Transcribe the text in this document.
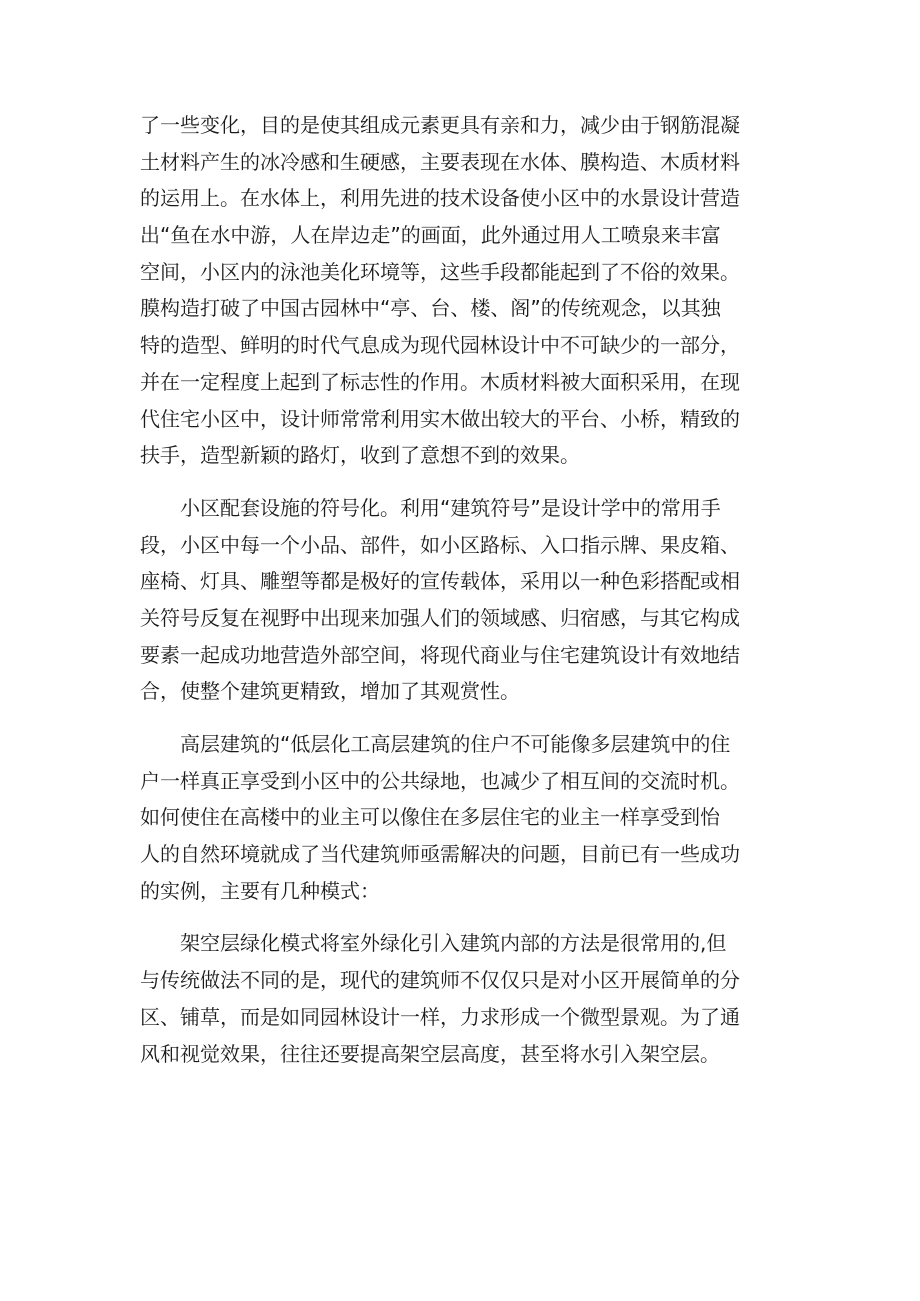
了一些变化，目的是使其组成元素更具有亲和力，减少由于钢筋混凝
土材料产生的冰冷感和生硬感，主要表现在水体、膜构造、木质材料
的运用上。在水体上，利用先进的技术设备使小区中的水景设计营造
出“鱼在水中游，人在岸边走”的画面，此外通过用人工喷泉来丰富
空间，小区内的泳池美化环境等，这些手段都能起到了不俗的效果。
膜构造打破了中国古园林中“亭、台、楼、阁”的传统观念，以其独
特的造型、鲜明的时代气息成为现代园林设计中不可缺少的一部分，
并在一定程度上起到了标志性的作用。木质材料被大面积采用，在现
代住宅小区中，设计师常常利用实木做出较大的平台、小桥，精致的
扶手，造型新颖的路灯，收到了意想不到的效果。
　　小区配套设施的符号化。利用“建筑符号”是设计学中的常用手
段，小区中每一个小品、部件，如小区路标、入口指示牌、果皮箱、
座椅、灯具、雕塑等都是极好的宣传载体，采用以一种色彩搭配或相
关符号反复在视野中出现来加强人们的领域感、归宿感，与其它构成
要素一起成功地营造外部空间，将现代商业与住宅建筑设计有效地结
合，使整个建筑更精致，增加了其观赏性。
　　高层建筑的“低层化工高层建筑的住户不可能像多层建筑中的住
户一样真正享受到小区中的公共绿地，也减少了相互间的交流时机。
如何使住在高楼中的业主可以像住在多层住宅的业主一样享受到怡
人的自然环境就成了当代建筑师亟需解决的问题，目前已有一些成功
的实例，主要有几种模式：
　　架空层绿化模式将室外绿化引入建筑内部的方法是很常用的,但
与传统做法不同的是，现代的建筑师不仅仅只是对小区开展简单的分
区、铺草，而是如同园林设计一样，力求形成一个微型景观。为了通
风和视觉效果，往往还要提高架空层高度，甚至将水引入架空层。
